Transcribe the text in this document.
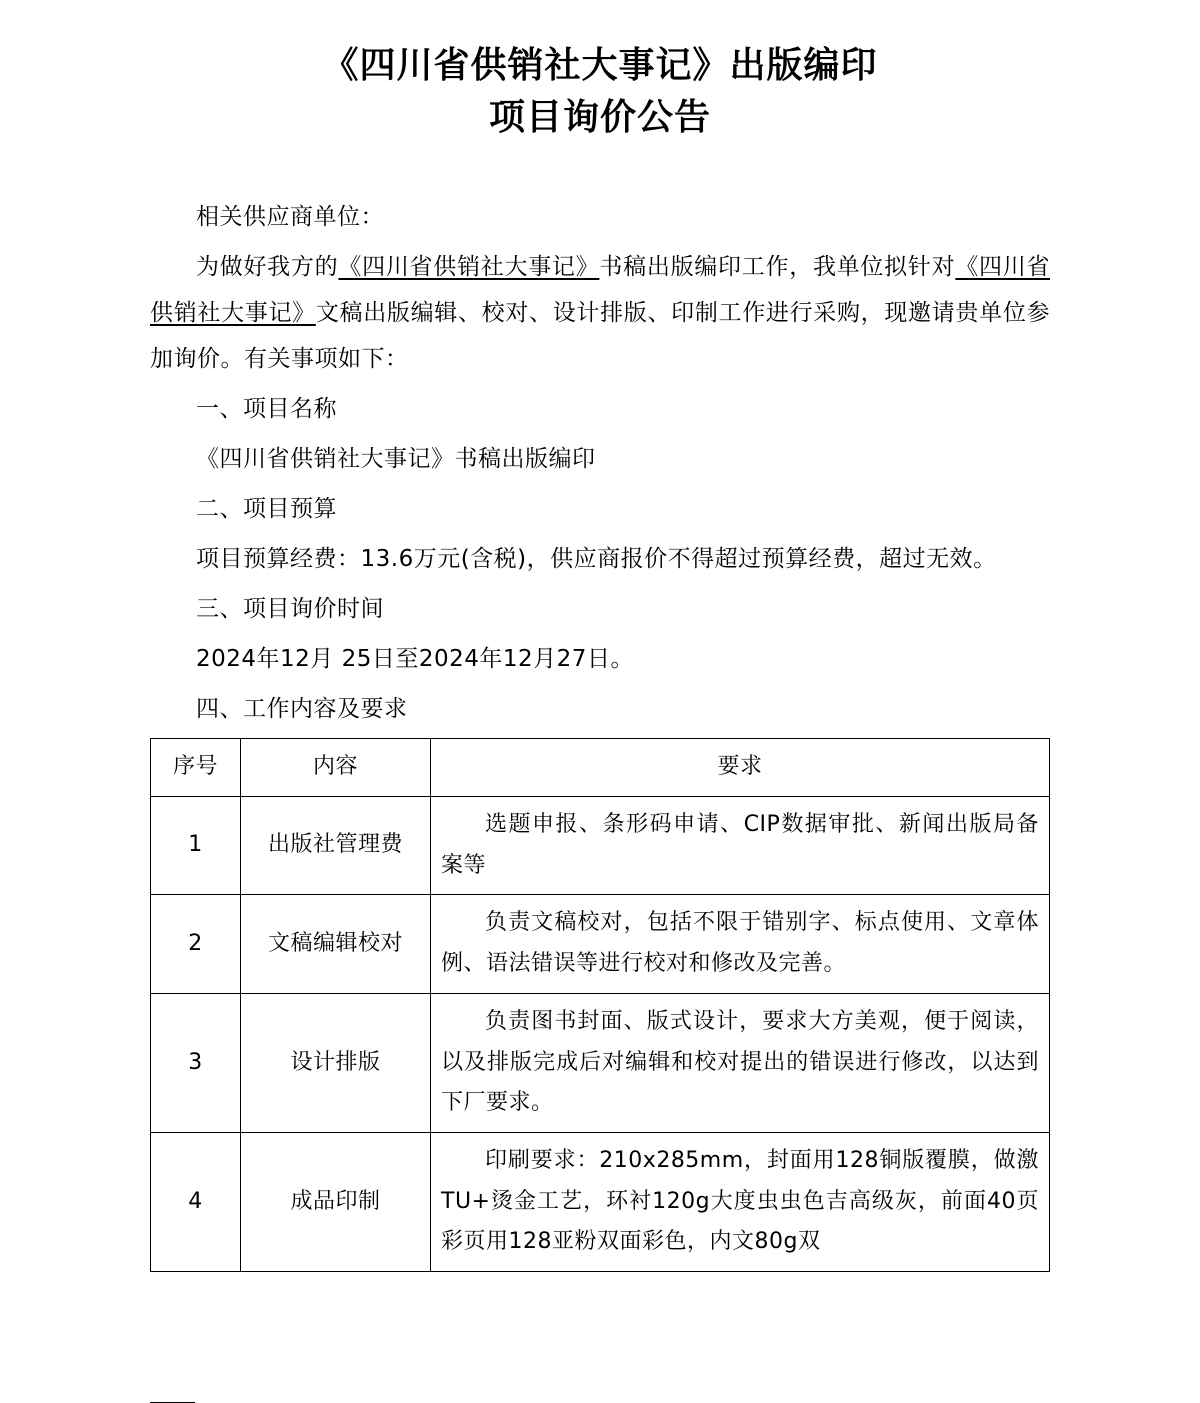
《四川省供销社大事记》出版编印
项目询价公告

相关供应商单位：

为做好我方的《四川省供销社大事记》书稿出版编印工作，我单位拟针对《四川省供销社大事记》文稿出版编辑、校对、设计排版、印制工作进行采购，现邀请贵单位参加询价。有关事项如下：

一、项目名称

《四川省供销社大事记》书稿出版编印

二、项目预算

项目预算经费：13.6万元(含税)，供应商报价不得超过预算经费，超过无效。

三、项目询价时间

2024年12月 25日至2024年12月27日。

四、工作内容及要求

序号	内容	要求
1	出版社管理费	选题申报、条形码申请、CIP数据审批、新闻出版局备案等
2	文稿编辑校对	负责文稿校对，包括不限于错别字、标点使用、文章体例、语法错误等进行校对和修改及完善。
3	设计排版	负责图书封面、版式设计，要求大方美观，便于阅读，以及排版完成后对编辑和校对提出的错误进行修改，以达到下厂要求。
4	成品印制	印刷要求：210x285mm，封面用128铜版覆膜，做激TU+烫金工艺，环衬120g大度虫虫色吉高级灰，前面40页彩页用128亚粉双面彩色，内文80g双
